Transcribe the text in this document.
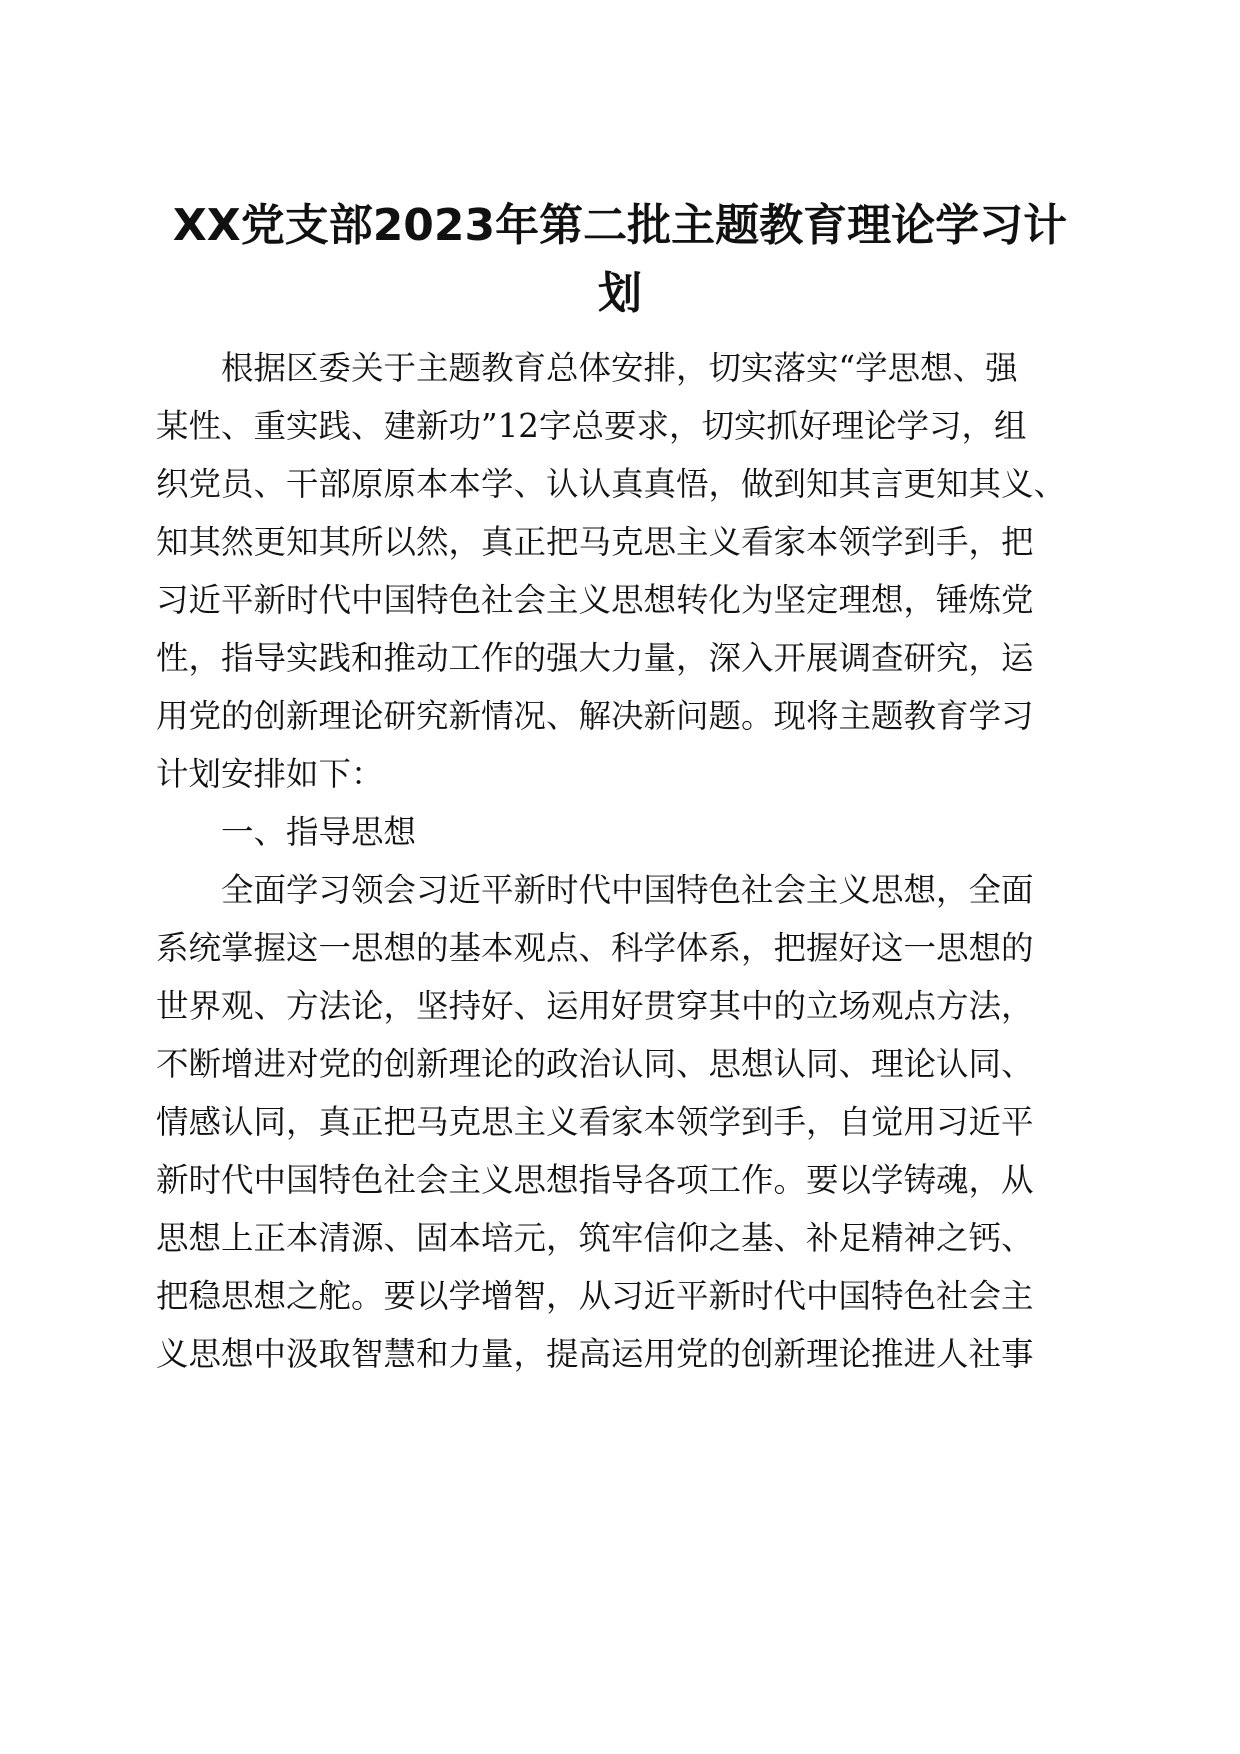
XX党支部2023年第二批主题教育理论学习计
划

根据区委关于主题教育总体安排，切实落实“学思想、强

某性、重实践、建新功”12字总要求，切实抓好理论学习，组

织党员、干部原原本本学、认认真真悟，做到知其言更知其义、

知其然更知其所以然，真正把马克思主义看家本领学到手，把

习近平新时代中国特色社会主义思想转化为坚定理想，锤炼党

性，指导实践和推动工作的强大力量，深入开展调查研究，运

用党的创新理论研究新情况、解决新问题。现将主题教育学习

计划安排如下：

一、指导思想

全面学习领会习近平新时代中国特色社会主义思想，全面

系统掌握这一思想的基本观点、科学体系，把握好这一思想的

世界观、方法论，坚持好、运用好贯穿其中的立场观点方法，

不断增进对党的创新理论的政治认同、思想认同、理论认同、

情感认同，真正把马克思主义看家本领学到手，自觉用习近平

新时代中国特色社会主义思想指导各项工作。要以学铸魂，从

思想上正本清源、固本培元，筑牢信仰之基、补足精神之钙、

把稳思想之舵。要以学增智，从习近平新时代中国特色社会主

义思想中汲取智慧和力量，提高运用党的创新理论推进人社事
